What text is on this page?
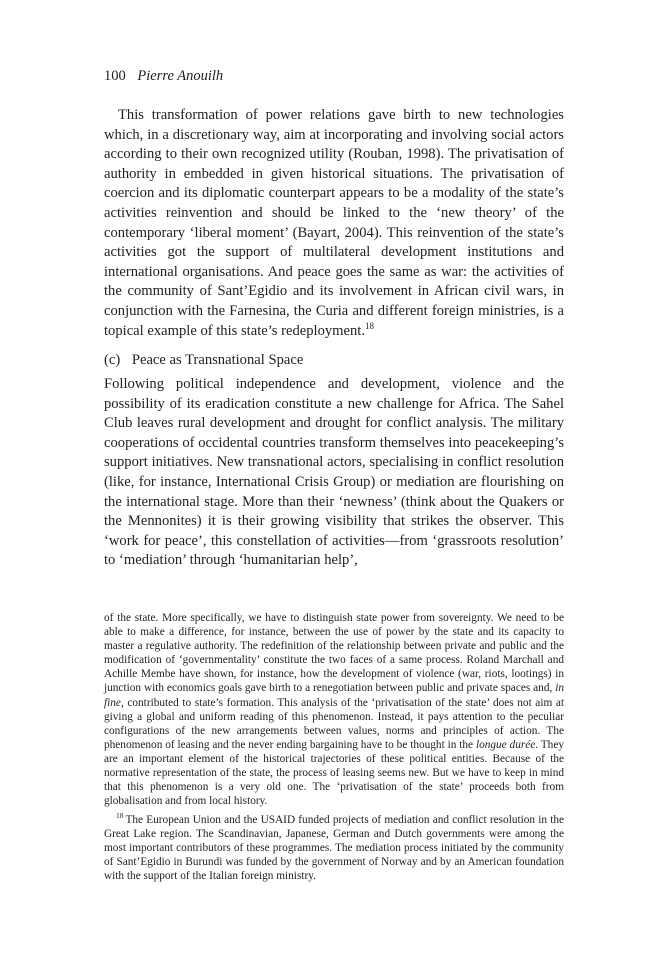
100 Pierre Anouilh
This transformation of power relations gave birth to new technologies which, in a discretionary way, aim at incorporating and involving social actors according to their own recognized utility (Rouban, 1998). The privatisation of authority in embedded in given historical situations. The privatisation of coercion and its diplomatic counterpart appears to be a modality of the state’s activities reinvention and should be linked to the ‘new theory’ of the contemporary ‘liberal moment’ (Bayart, 2004). This reinvention of the state’s activities got the support of multilateral development institutions and international organisations. And peace goes the same as war: the activities of the community of Sant’Egidio and its involvement in African civil wars, in conjunction with the Farnesina, the Curia and different foreign ministries, is a topical example of this state’s redeployment.$^{18}$
(c) Peace as Transnational Space
Following political independence and development, violence and the possibility of its eradication constitute a new challenge for Africa. The Sahel Club leaves rural development and drought for conflict analysis. The military cooperations of occidental countries transform themselves into peacekeeping’s support initiatives. New transnational actors, specialising in conflict resolution (like, for instance, International Crisis Group) or mediation are flourishing on the international stage. More than their ‘newness’ (think about the Quakers or the Mennonites) it is their growing visibility that strikes the observer. This ‘work for peace’, this constellation of activities—from ‘grassroots resolution’ to ‘mediation’ through ‘humanitarian help’,
of the state. More specifically, we have to distinguish state power from sovereignty. We need to be able to make a difference, for instance, between the use of power by the state and its capacity to master a regulative authority. The redefinition of the relationship between private and public and the modification of ‘governmentality’ constitute the two faces of a same process. Roland Marchall and Achille Membe have shown, for instance, how the development of violence (war, riots, lootings) in junction with economics goals gave birth to a renegotiation between public and private spaces and, in fine, contributed to state’s formation. This analysis of the ‘privatisation of the state’ does not aim at giving a global and uniform reading of this phenomenon. Instead, it pays attention to the peculiar configurations of the new arrangements between values, norms and principles of action. The phenomenon of leasing and the never ending bargaining have to be thought in the longue durée. They are an important element of the historical trajectories of these political entities. Because of the normative representation of the state, the process of leasing seems new. But we have to keep in mind that this phenomenon is a very old one. The ‘privatisation of the state’ proceeds both from globalisation and from local history.
$^{18}$ The European Union and the USAID funded projects of mediation and conflict resolution in the Great Lake region. The Scandinavian, Japanese, German and Dutch governments were among the most important contributors of these programmes. The mediation process initiated by the community of Sant’Egidio in Burundi was funded by the government of Norway and by an American foundation with the support of the Italian foreign ministry.
